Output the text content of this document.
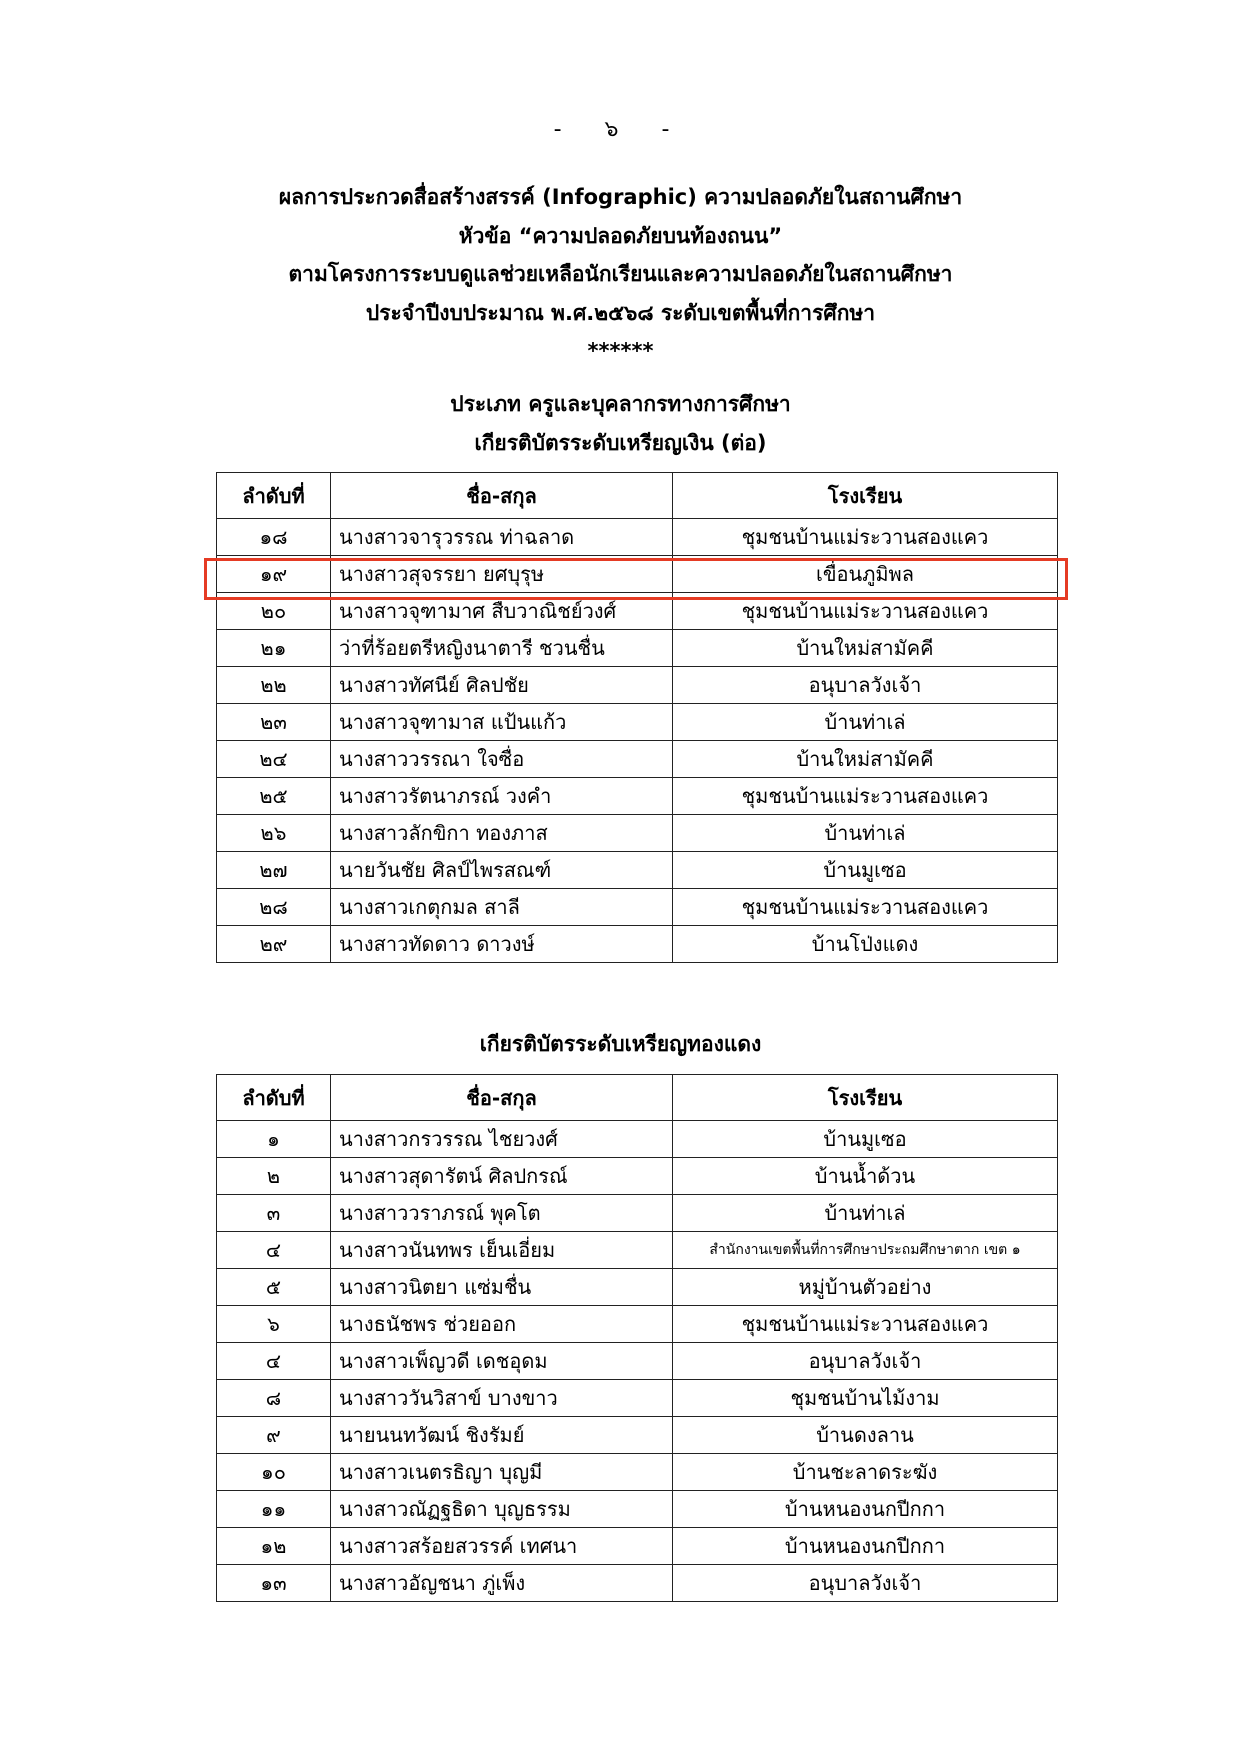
- ๖ -
ผลการประกวดสื่อสร้างสรรค์ (Infographic) ความปลอดภัยในสถานศึกษา
หัวข้อ “ความปลอดภัยบนท้องถนน”
ตามโครงการระบบดูแลช่วยเหลือนักเรียนและความปลอดภัยในสถานศึกษา
ประจำปีงบประมาณ พ.ศ.๒๕๖๘ ระดับเขตพื้นที่การศึกษา
******
ประเภท ครูและบุคลากรทางการศึกษา
เกียรติบัตรระดับเหรียญเงิน (ต่อ)
ลำดับที่	ชื่อ-สกุล	โรงเรียน
๑๘	นางสาวจารุวรรณ ท่าฉลาด	ชุมชนบ้านแม่ระวานสองแคว
๑๙	นางสาวสุจรรยา ยศบุรุษ	เขื่อนภูมิพล
๒๐	นางสาวจุฑามาศ สืบวาณิชย์วงศ์	ชุมชนบ้านแม่ระวานสองแคว
๒๑	ว่าที่ร้อยตรีหญิงนาตารี ชวนชื่น	บ้านใหม่สามัคคี
๒๒	นางสาวทัศนีย์ ศิลปชัย	อนุบาลวังเจ้า
๒๓	นางสาวจุฑามาส แป้นแก้ว	บ้านท่าเล่
๒๔	นางสาววรรณา ใจซื่อ	บ้านใหม่สามัคคี
๒๕	นางสาวรัตนาภรณ์ วงคำ	ชุมชนบ้านแม่ระวานสองแคว
๒๖	นางสาวลักขิกา ทองภาส	บ้านท่าเล่
๒๗	นายวันชัย ศิลป์ไพรสณฑ์	บ้านมูเซอ
๒๘	นางสาวเกตุกมล สาลี	ชุมชนบ้านแม่ระวานสองแคว
๒๙	นางสาวทัดดาว ดาวงษ์	บ้านโป่งแดง
เกียรติบัตรระดับเหรียญทองแดง
ลำดับที่	ชื่อ-สกุล	โรงเรียน
๑	นางสาวกรวรรณ ไชยวงศ์	บ้านมูเซอ
๒	นางสาวสุดารัตน์ ศิลปกรณ์	บ้านน้ำด้วน
๓	นางสาววราภรณ์ พุคโต	บ้านท่าเล่
๔	นางสาวนันทพร เย็นเอี่ยม	สำนักงานเขตพื้นที่การศึกษาประถมศึกษาตาก เขต ๑
๕	นางสาวนิตยา แซ่มชื่น	หมู่บ้านตัวอย่าง
๖	นางธนัชพร ช่วยออก	ชุมชนบ้านแม่ระวานสองแคว
๔	นางสาวเพ็ญวดี เดชอุดม	อนุบาลวังเจ้า
๘	นางสาววันวิสาข์ บางขาว	ชุมชนบ้านไม้งาม
๙	นายนนทวัฒน์ ชิงรัมย์	บ้านดงลาน
๑๐	นางสาวเนตรธิญา บุญมี	บ้านชะลาดระฆัง
๑๑	นางสาวณัฏฐธิดา บุญธรรม	บ้านหนองนกปีกกา
๑๒	นางสาวสร้อยสวรรค์ เทศนา	บ้านหนองนกปีกกา
๑๓	นางสาวอัญชนา ภู่เพ็ง	อนุบาลวังเจ้า
